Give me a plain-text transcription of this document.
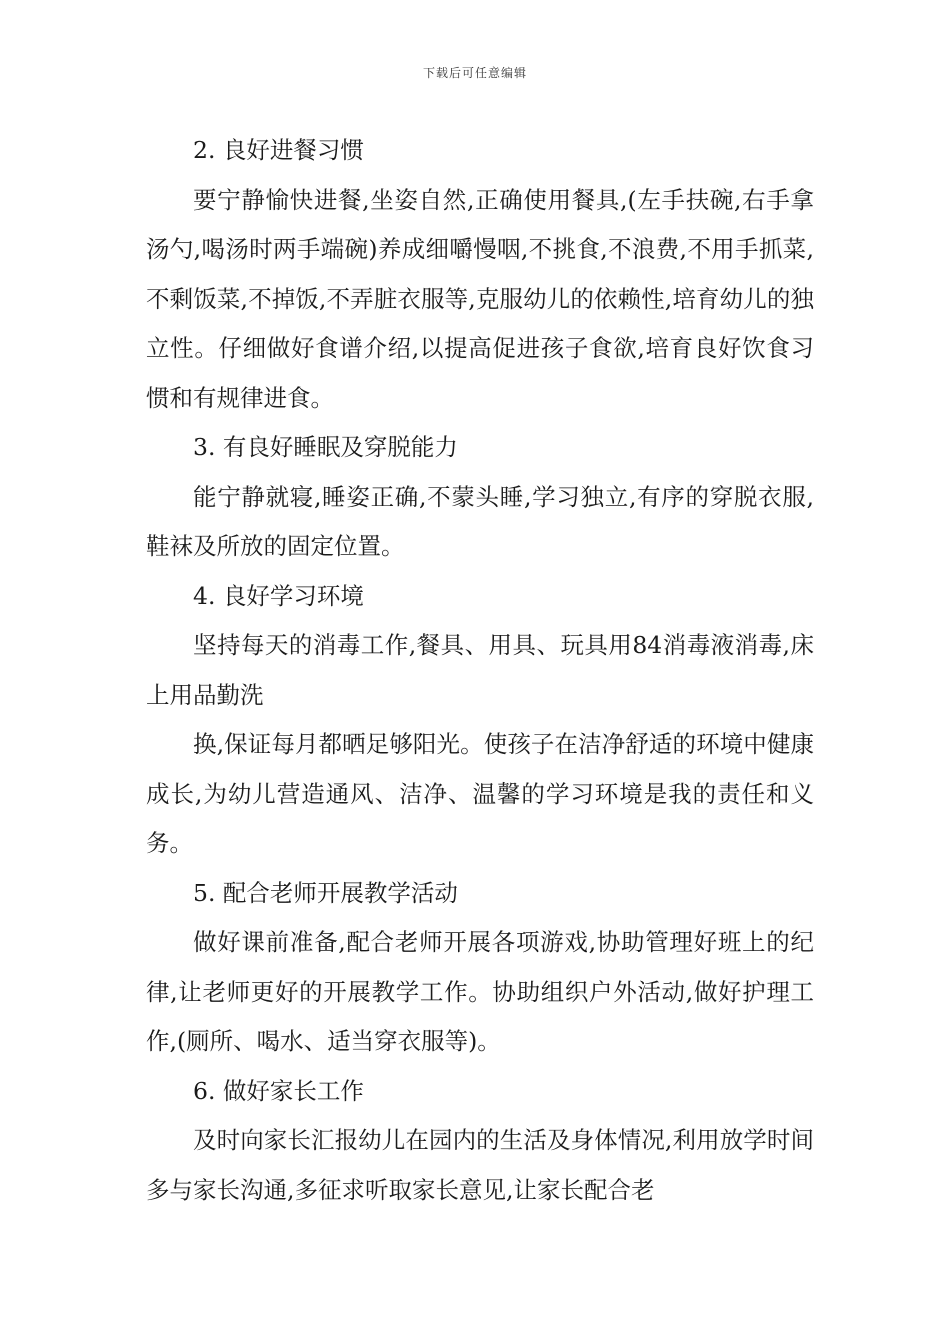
下载后可任意编辑

2. 良好进餐习惯

要宁静愉快进餐,坐姿自然,正确使用餐具,(左手扶碗,右手拿汤勺,喝汤时两手端碗)养成细嚼慢咽,不挑食,不浪费,不用手抓菜,不剩饭菜,不掉饭,不弄脏衣服等,克服幼儿的依赖性,培育幼儿的独立性。仔细做好食谱介绍,以提高促进孩子食欲,培育良好饮食习惯和有规律进食。

3. 有良好睡眠及穿脱能力

能宁静就寝,睡姿正确,不蒙头睡,学习独立,有序的穿脱衣服,鞋袜及所放的固定位置。

4. 良好学习环境

坚持每天的消毒工作,餐具、用具、玩具用84消毒液消毒,床上用品勤洗

换,保证每月都晒足够阳光。使孩子在洁净舒适的环境中健康成长,为幼儿营造通风、洁净、温馨的学习环境是我的责任和义务。

5. 配合老师开展教学活动

做好课前准备,配合老师开展各项游戏,协助管理好班上的纪律,让老师更好的开展教学工作。协助组织户外活动,做好护理工作,(厕所、喝水、适当穿衣服等)。

6. 做好家长工作

及时向家长汇报幼儿在园内的生活及身体情况,利用放学时间多与家长沟通,多征求听取家长意见,让家长配合老
